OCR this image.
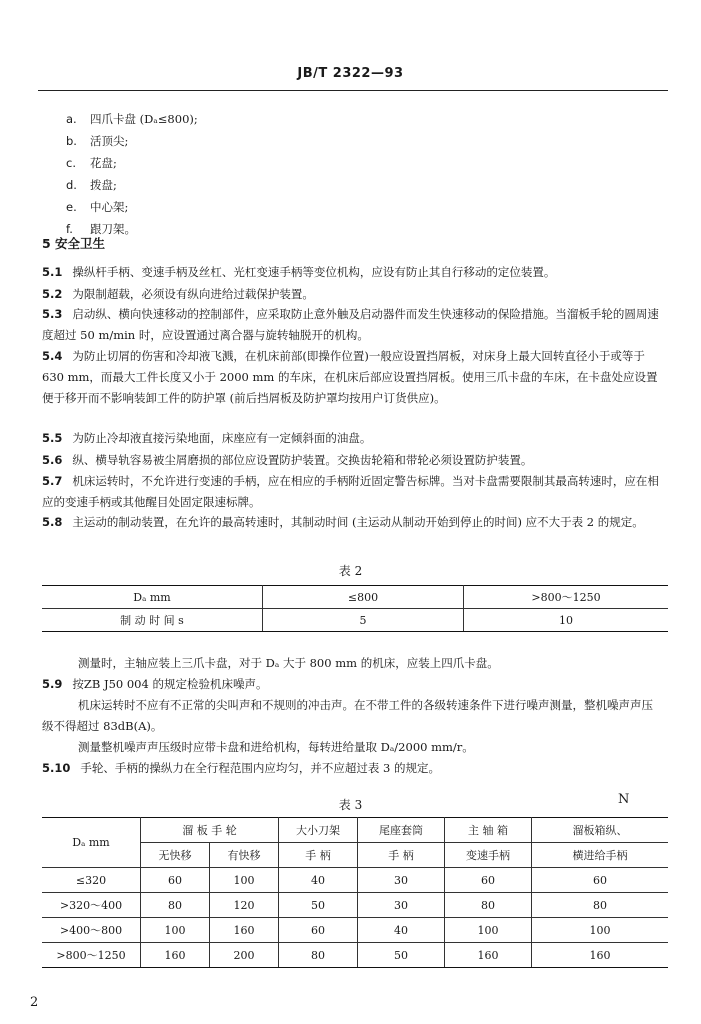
JB/T 2322—93
a. 四爪卡盘 (Dₐ≤800);
b. 活顶尖;
c. 花盘;
d. 拨盘;
e. 中心架;
f. 跟刀架。
5 安全卫生
5.1 操纵杆手柄、变速手柄及丝杠、光杠变速手柄等变位机构，应设有防止其自行移动的定位装置。
5.2 为限制超载，必须设有纵向进给过载保护装置。
5.3 启动纵、横向快速移动的控制部件，应采取防止意外触及启动器件而发生快速移动的保险措施。当溜板手轮的圆周速度超过 50 m/min 时，应设置通过离合器与旋转轴脱开的机构。
5.4 为防止切屑的伤害和冷却液飞溅，在机床前部(即操作位置)一般应设置挡屑板，对床身上最大回转直径小于或等于 630 mm，而最大工件长度又小于 2000 mm 的车床，在机床后部应设置挡屑板。使用三爪卡盘的车床，在卡盘处应设置便于移开而不影响装卸工件的防护罩 (前后挡屑板及防护罩均按用户订货供应)。
5.5 为防止冷却液直接污染地面，床座应有一定倾斜面的油盘。
5.6 纵、横导轨容易被尘屑磨损的部位应设置防护装置。交换齿轮箱和带轮必须设置防护装置。
5.7 机床运转时，不允许进行变速的手柄，应在相应的手柄附近固定警告标牌。当对卡盘需要限制其最高转速时，应在相应的变速手柄或其他醒目处固定限速标牌。
5.8 主运动的制动装置，在允许的最高转速时，其制动时间 (主运动从制动开始到停止的时间) 应不大于表 2 的规定。
表 2
Dₐ mm	≤800	>800～1250
制 动 时 间 s	5	10
测量时，主轴应装上三爪卡盘，对于 Dₐ 大于 800 mm 的机床，应装上四爪卡盘。
5.9 按ZB J50 004 的规定检验机床噪声。
机床运转时不应有不正常的尖叫声和不规则的冲击声。在不带工件的各级转速条件下进行噪声测量，整机噪声声压级不得超过 83dB(A)。
测量整机噪声声压级时应带卡盘和进给机构，每转进给量取 Dₐ/2000 mm/r。
5.10 手轮、手柄的操纵力在全行程范围内应均匀，并不应超过表 3 的规定。
表 3	N
Dₐ mm	溜 板 手 轮		大小刀架	尾座套筒	主 轴 箱	溜板箱纵、
	无快移	有快移	手 柄	手 柄	变速手柄	横进给手柄
≤320	60	100	40	30	60	60
>320～400	80	120	50	30	80	80
>400～800	100	160	60	40	100	100
>800～1250	160	200	80	50	160	160
2
